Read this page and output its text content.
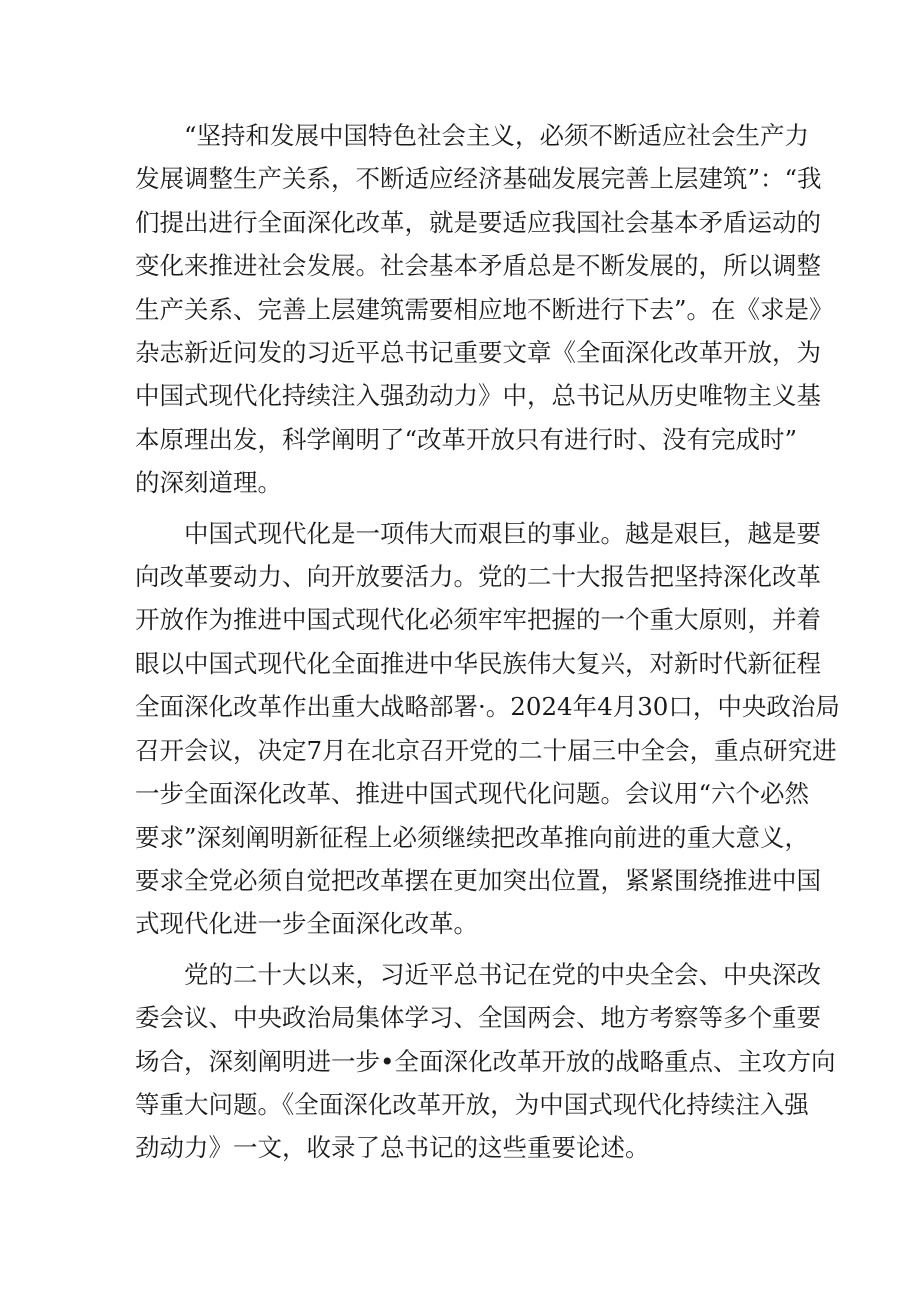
“坚持和发展中国特色社会主义，必须不断适应社会生产力
发展调整生产关系，不断适应经济基础发展完善上层建筑”：“我
们提出进行全面深化改革，就是要适应我国社会基本矛盾运动的
变化来推进社会发展。社会基本矛盾总是不断发展的，所以调整
生产关系、完善上层建筑需要相应地不断进行下去”。在《求是》
杂志新近问发的习近平总书记重要文章《全面深化改革开放，为
中国式现代化持续注入强劲动力》中，总书记从历史唯物主义基
本原理出发，科学阐明了“改革开放只有进行时、没有完成时”
的深刻道理。

中国式现代化是一项伟大而艰巨的事业。越是艰巨，越是要
向改革要动力、向开放要活力。党的二十大报告把坚持深化改革
开放作为推进中国式现代化必须牢牢把握的一个重大原则，并着
眼以中国式现代化全面推进中华民族伟大复兴，对新时代新征程
全面深化改革作出重大战略部署·。2024年4月30口，中央政治局
召开会议，决定7月在北京召开党的二十届三中全会，重点研究进
一步全面深化改革、推进中国式现代化问题。会议用“六个必然
要求”深刻阐明新征程上必须继续把改革推向前进的重大意义，
要求全党必须自觉把改革摆在更加突出位置，紧紧围绕推进中国
式现代化进一步全面深化改革。

党的二十大以来，习近平总书记在党的中央全会、中央深改
委会议、中央政治局集体学习、全国两会、地方考察等多个重要
场合，深刻阐明进一步•全面深化改革开放的战略重点、主攻方向
等重大问题。《全面深化改革开放，为中国式现代化持续注入强
劲动力》一文，收录了总书记的这些重要论述。
